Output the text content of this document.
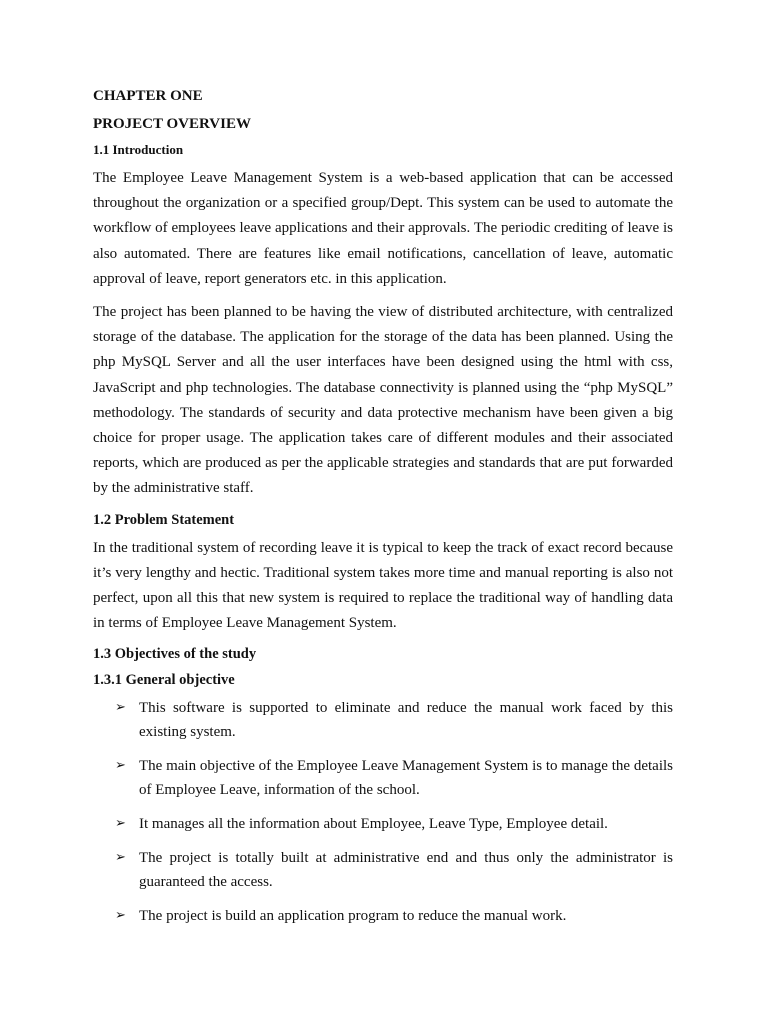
CHAPTER ONE
PROJECT OVERVIEW
1.1 Introduction

The Employee Leave Management System is a web-based application that can be accessed throughout the organization or a specified group/Dept. This system can be used to automate the workflow of employees leave applications and their approvals. The periodic crediting of leave is also automated. There are features like email notifications, cancellation of leave, automatic approval of leave, report generators etc. in this application.

The project has been planned to be having the view of distributed architecture, with centralized storage of the database. The application for the storage of the data has been planned. Using the php MySQL Server and all the user interfaces have been designed using the html with css, JavaScript and php technologies. The database connectivity is planned using the “php MySQL” methodology. The standards of security and data protective mechanism have been given a big choice for proper usage. The application takes care of different modules and their associated reports, which are produced as per the applicable strategies and standards that are put forwarded by the administrative staff.

1.2 Problem Statement

In the traditional system of recording leave it is typical to keep the track of exact record because it’s very lengthy and hectic. Traditional system takes more time and manual reporting is also not perfect, upon all this that new system is required to replace the traditional way of handling data in terms of Employee Leave Management System.

1.3 Objectives of the study
1.3.1 General objective
➢ This software is supported to eliminate and reduce the manual work faced by this existing system.
➢ The main objective of the Employee Leave Management System is to manage the details of Employee Leave, information of the school.
➢ It manages all the information about Employee, Leave Type, Employee detail.
➢ The project is totally built at administrative end and thus only the administrator is guaranteed the access.
➢ The project is build an application program to reduce the manual work.
